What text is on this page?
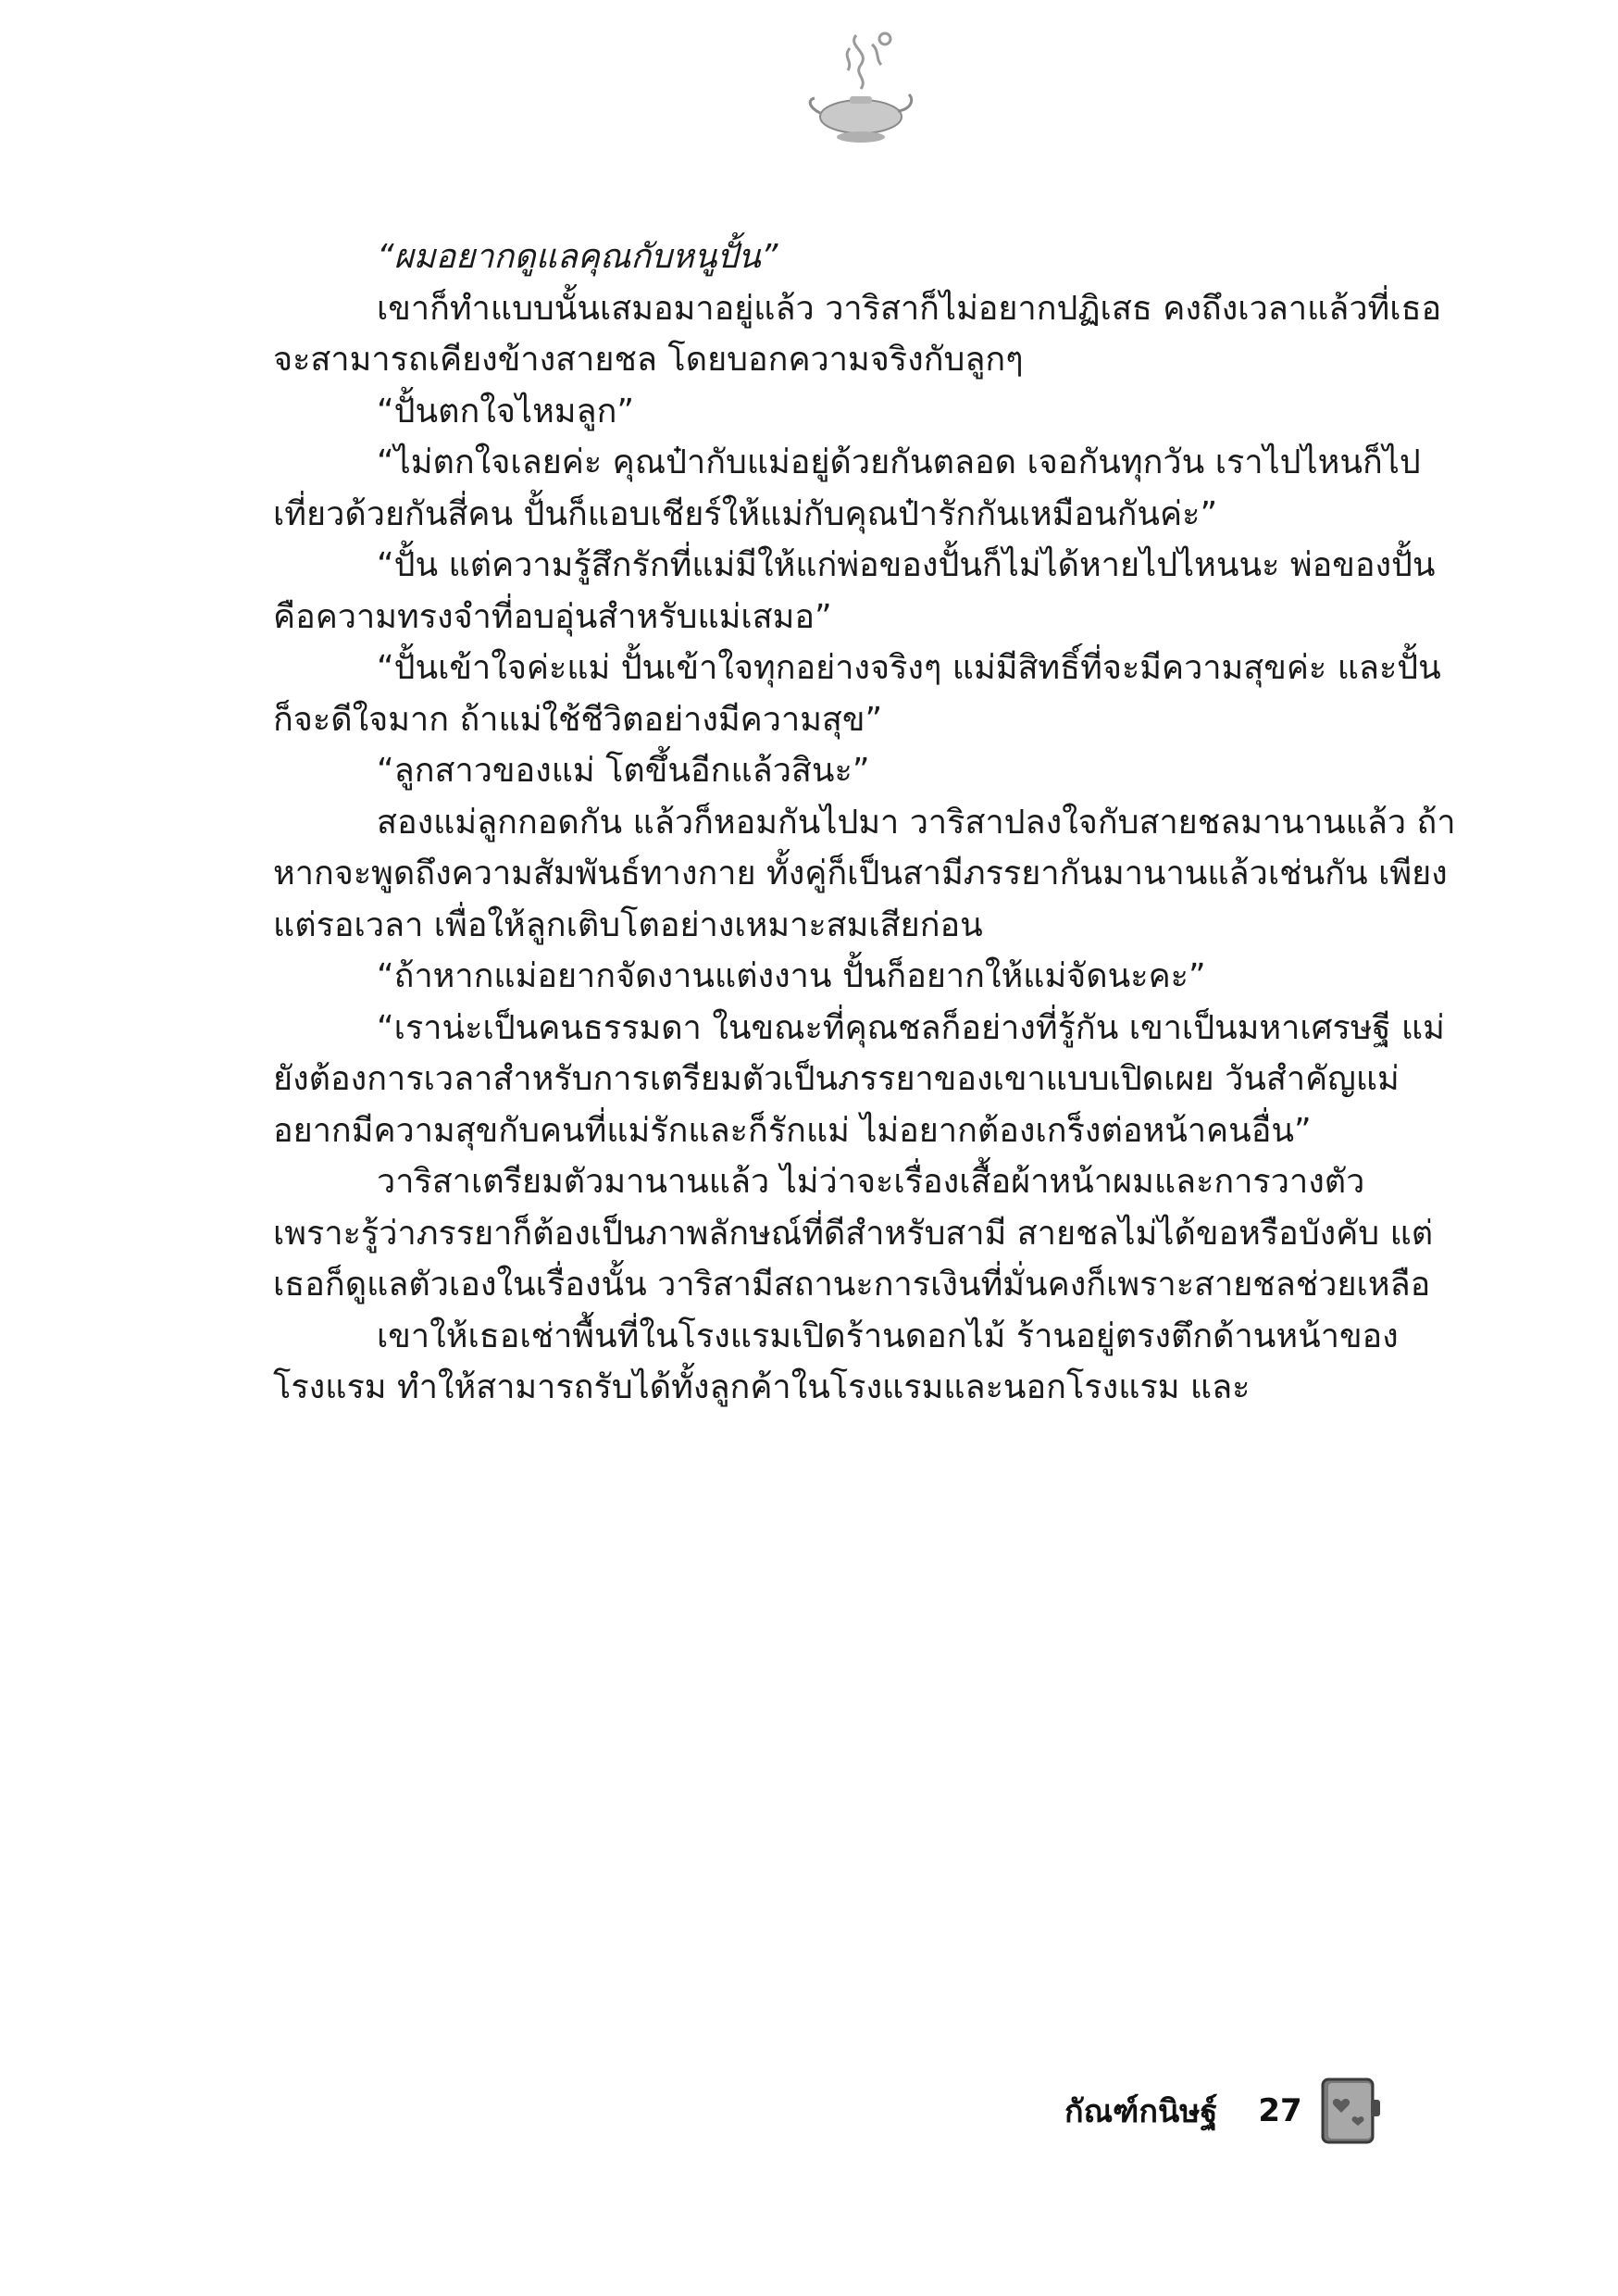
“ผมอยากดูแลคุณกับหนูปั้น”

เขาก็ทำแบบนั้นเสมอมาอยู่แล้ว วาริสาก็ไม่อยากปฏิเสธ คงถึงเวลาแล้วที่เธอจะสามารถเคียงข้างสายชล โดยบอกความจริงกับลูกๆ

“ปั้นตกใจไหมลูก”

“ไม่ตกใจเลยค่ะ คุณป๋ากับแม่อยู่ด้วยกันตลอด เจอกันทุกวัน เราไปไหนก็ไปเที่ยวด้วยกันสี่คน ปั้นก็แอบเชียร์ให้แม่กับคุณป๋ารักกันเหมือนกันค่ะ”

“ปั้น แต่ความรู้สึกรักที่แม่มีให้แก่พ่อของปั้นก็ไม่ได้หายไปไหนนะ พ่อของปั้นคือความทรงจำที่อบอุ่นสำหรับแม่เสมอ”

“ปั้นเข้าใจค่ะแม่ ปั้นเข้าใจทุกอย่างจริงๆ แม่มีสิทธิ์ที่จะมีความสุขค่ะ และปั้นก็จะดีใจมาก ถ้าแม่ใช้ชีวิตอย่างมีความสุข”

“ลูกสาวของแม่ โตขึ้นอีกแล้วสินะ”

สองแม่ลูกกอดกัน แล้วก็หอมกันไปมา วาริสาปลงใจกับสายชลมานานแล้ว ถ้าหากจะพูดถึงความสัมพันธ์ทางกาย ทั้งคู่ก็เป็นสามีภรรยากันมานานแล้วเช่นกัน เพียงแต่รอเวลา เพื่อให้ลูกเติบโตอย่างเหมาะสมเสียก่อน

“ถ้าหากแม่อยากจัดงานแต่งงาน ปั้นก็อยากให้แม่จัดนะคะ”

“เราน่ะเป็นคนธรรมดา ในขณะที่คุณชลก็อย่างที่รู้กัน เขาเป็นมหาเศรษฐี แม่ยังต้องการเวลาสำหรับการเตรียมตัวเป็นภรรยาของเขาแบบเปิดเผย วันสำคัญแม่อยากมีความสุขกับคนที่แม่รักและก็รักแม่ ไม่อยากต้องเกร็งต่อหน้าคนอื่น”

วาริสาเตรียมตัวมานานแล้ว ไม่ว่าจะเรื่องเสื้อผ้าหน้าผมและการวางตัว เพราะรู้ว่าภรรยาก็ต้องเป็นภาพลักษณ์ที่ดีสำหรับสามี สายชลไม่ได้ขอหรือบังคับ แต่เธอก็ดูแลตัวเองในเรื่องนั้น วาริสามีสถานะการเงินที่มั่นคงก็เพราะสายชลช่วยเหลือ

เขาให้เธอเช่าพื้นที่ในโรงแรมเปิดร้านดอกไม้ ร้านอยู่ตรงตึกด้านหน้าของโรงแรม ทำให้สามารถรับได้ทั้งลูกค้าในโรงแรมและนอกโรงแรม และ

กัณฑ์กนิษฐ์ 27
